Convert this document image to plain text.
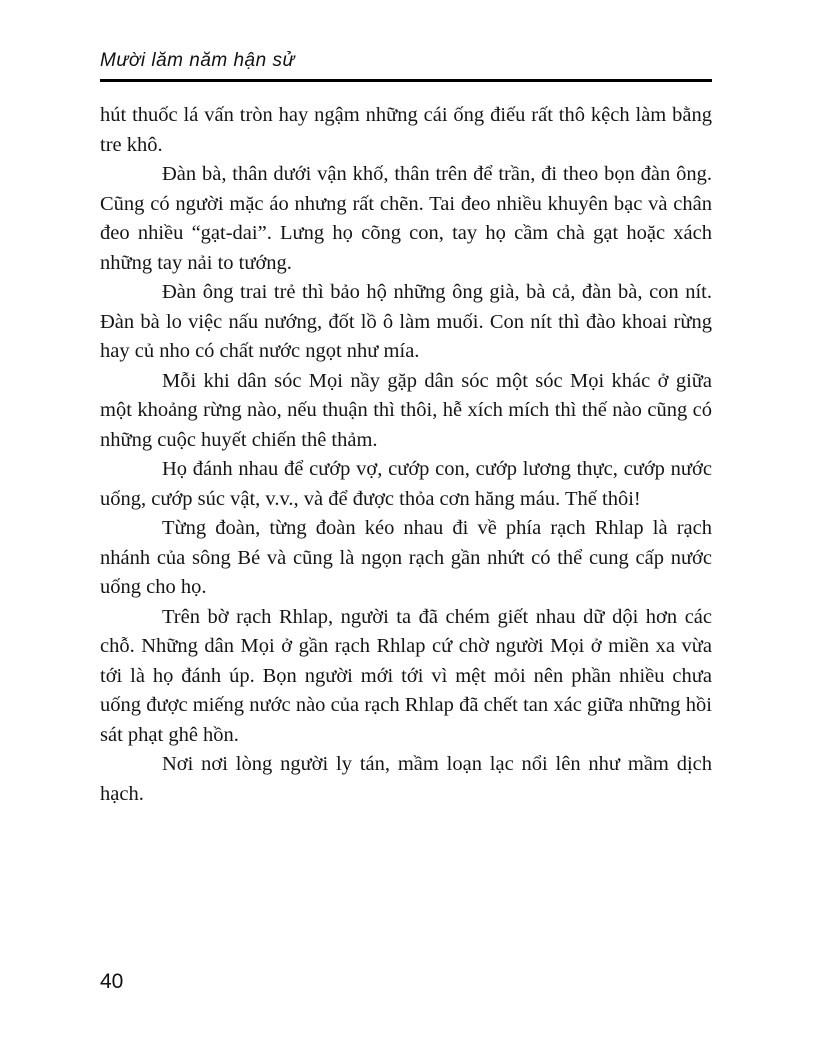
Mười lăm năm hận sử

hút thuốc lá vấn tròn hay ngậm những cái ống điếu rất thô kệch làm bằng tre khô.

Đàn bà, thân dưới vận khố, thân trên để trần, đi theo bọn đàn ông. Cũng có người mặc áo nhưng rất chẽn. Tai đeo nhiều khuyên bạc và chân đeo nhiều “gạt-dai”. Lưng họ cõng con, tay họ cầm chà gạt hoặc xách những tay nải to tướng.

Đàn ông trai trẻ thì bảo hộ những ông già, bà cả, đàn bà, con nít. Đàn bà lo việc nấu nướng, đốt lồ ô làm muối. Con nít thì đào khoai rừng hay củ nho có chất nước ngọt như mía.

Mỗi khi dân sóc Mọi nầy gặp dân sóc một sóc Mọi khác ở giữa một khoảng rừng nào, nếu thuận thì thôi, hễ xích mích thì thế nào cũng có những cuộc huyết chiến thê thảm.

Họ đánh nhau để cướp vợ, cướp con, cướp lương thực, cướp nước uống, cướp súc vật, v.v., và để được thỏa cơn hăng máu. Thế thôi!

Từng đoàn, từng đoàn kéo nhau đi về phía rạch Rhlap là rạch nhánh của sông Bé và cũng là ngọn rạch gần nhứt có thể cung cấp nước uống cho họ.

Trên bờ rạch Rhlap, người ta đã chém giết nhau dữ dội hơn các chỗ. Những dân Mọi ở gần rạch Rhlap cứ chờ người Mọi ở miền xa vừa tới là họ đánh úp. Bọn người mới tới vì mệt mỏi nên phần nhiều chưa uống được miếng nước nào của rạch Rhlap đã chết tan xác giữa những hồi sát phạt ghê hồn.

Nơi nơi lòng người ly tán, mầm loạn lạc nổi lên như mầm dịch hạch.

40
